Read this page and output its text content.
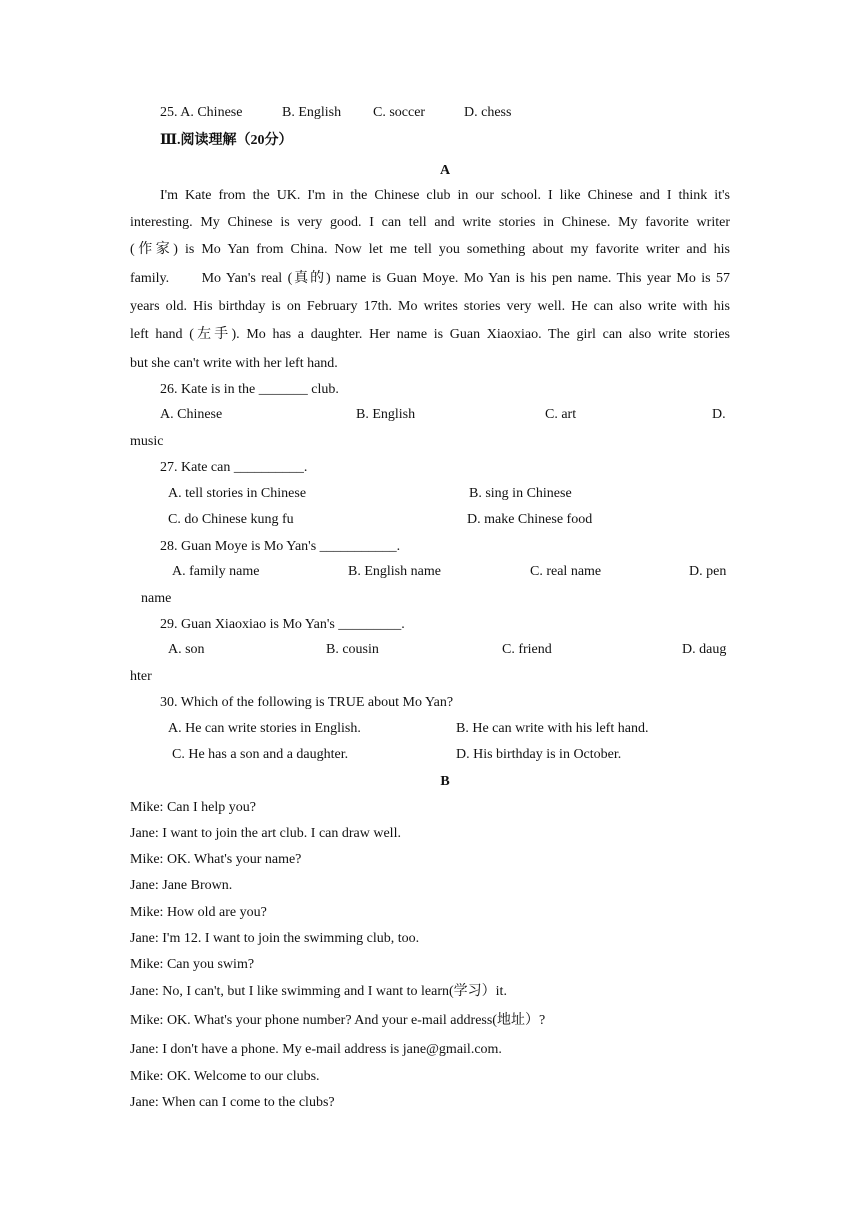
25. A. Chinese	B. English C. soccer	D. chess
Ⅲ.阅读理解（20分）
A
I'm Kate from the UK. I'm in the Chinese club in our school. I like Chinese and I think it's
interesting. My Chinese is very good. I can tell and write stories in Chinese. My favorite writer
(作家) is Mo Yan from China. Now let me tell you something about my favorite writer and his
family.      Mo Yan's real (真的) name is Guan Moye. Mo Yan is his pen name. This year Mo is 57
years old. His birthday is on February 17th. Mo writes stories very well. He can also write with his
left hand (左手). Mo has a daughter. Her name is Guan Xiaoxiao. The girl can also write stories
but she can't write with her left hand.
26. Kate is in the _______ club.
A. Chinese	B. English	C. art	D.
music
27. Kate can __________.
A. tell stories in Chinese	B. sing in Chinese
C. do Chinese kung fu	D. make Chinese food
28. Guan Moye is Mo Yan's ___________.
A. family name	B. English name	C. real name	D. pen
name
29. Guan Xiaoxiao is Mo Yan's _________.
A. son	B. cousin	C. friend	D. daug
hter
30. Which of the following is TRUE about Mo Yan?
A. He can write stories in English.	B. He can write with his left hand.
C. He has a son and a daughter.	D. His birthday is in October.
B
Mike: Can I help you?
Jane: I want to join the art club. I can draw well.
Mike: OK. What's your name?
Jane: Jane Brown.
Mike: How old are you?
Jane: I'm 12. I want to join the swimming club, too.
Mike: Can you swim?
Jane: No, I can't, but I like swimming and I want to learn(学习）it.
Mike: OK. What's your phone number? And your e-mail address(地址）?
Jane: I don't have a phone. My e-mail address is jane@gmail.com.
Mike: OK. Welcome to our clubs.
Jane: When can I come to the clubs?
